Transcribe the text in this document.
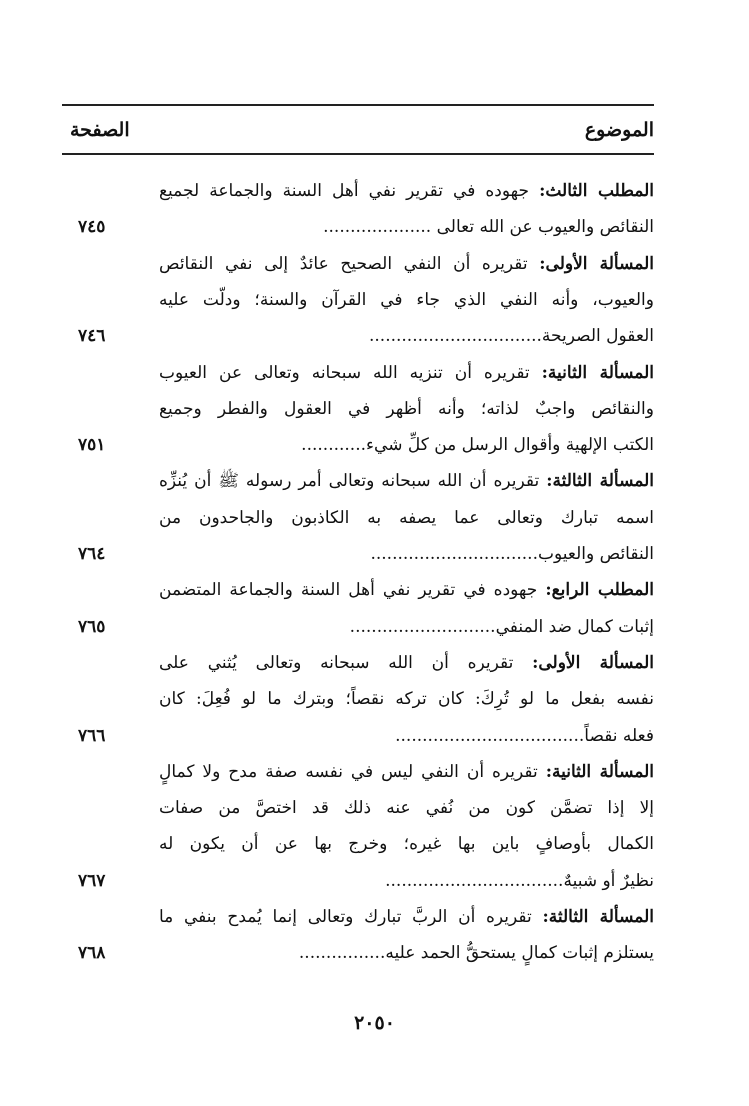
الموضوع
الصفحة
المطلب الثالث: جهوده في تقرير نفي أهل السنة والجماعة لجميع
النقائص والعيوب عن الله تعالى ....................
٧٤٥
المسألة الأولى: تقريره أن النفي الصحيح عائدٌ إلى نفي النقائص
والعيوب، وأنه النفي الذي جاء في القرآن والسنة؛ ودلّت عليه
العقول الصريحة................................
٧٤٦
المسألة الثانية: تقريره أن تنزيه الله سبحانه وتعالى عن العيوب
والنقائص واجبٌ لذاته؛ وأنه أظهر في العقول والفطر وجميع
الكتب الإلهية وأقوال الرسل من كلِّ شيء............
٧٥١
المسألة الثالثة: تقريره أن الله سبحانه وتعالى أمر رسوله ﷺ أن يُنزِّه
اسمه تبارك وتعالى عما يصفه به الكاذبون والجاحدون من
النقائص والعيوب...............................
٧٦٤
المطلب الرابع: جهوده في تقرير نفي أهل السنة والجماعة المتضمن
إثبات كمال ضد المنفي...........................
٧٦٥
المسألة الأولى: تقريره أن الله سبحانه وتعالى يُثني على
نفسه بفعل ما لو تُرِكَ: كان تركه نقصاً؛ وبترك ما لو فُعِلَ: كان
فعله نقصاً...................................
٧٦٦
المسألة الثانية: تقريره أن النفي ليس في نفسه صفة مدح ولا كمالٍ
إلا إذا تضمَّن كون من نُفي عنه ذلك قد اختصَّ من صفات
الكمال بأوصافٍ باين بها غيره؛ وخرج بها عن أن يكون له
نظيرٌ أو شبيهٌ.................................
٧٦٧
المسألة الثالثة: تقريره أن الربَّ تبارك وتعالى إنما يُمدح بنفي ما
يستلزم إثبات كمالٍ يستحقُّ الحمد عليه................
٧٦٨
٢٠٥٠
